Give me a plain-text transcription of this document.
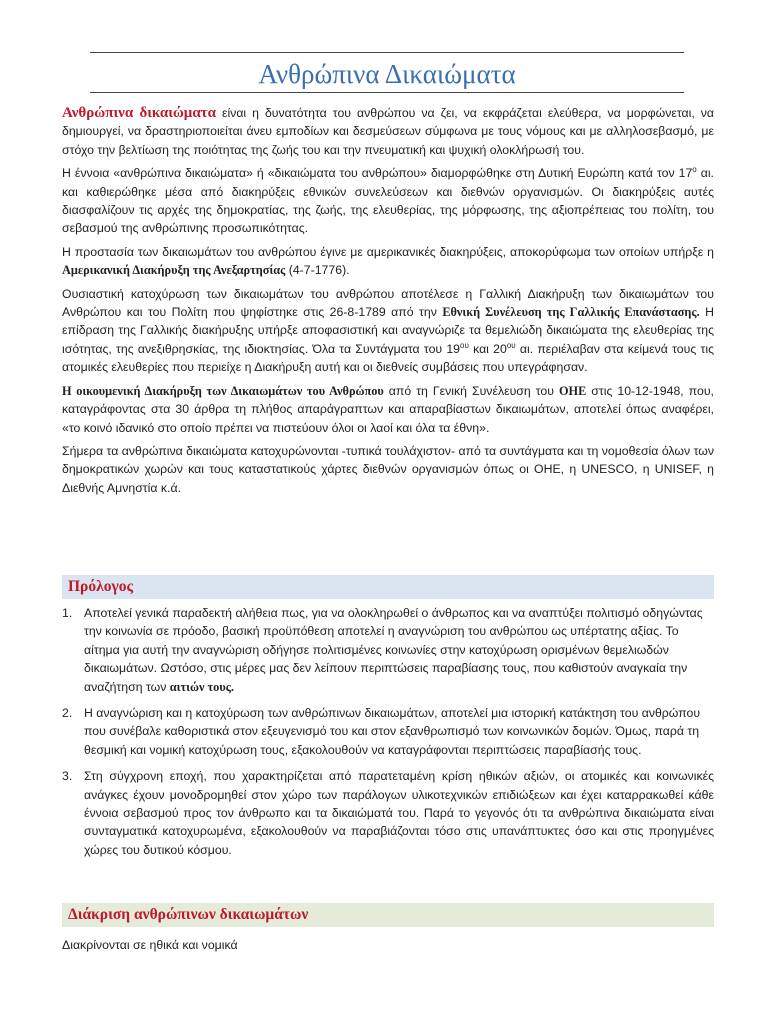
Ανθρώπινα Δικαιώματα

Ανθρώπινα δικαιώματα είναι η δυνατότητα του ανθρώπου να ζει, να εκφράζεται ελεύθερα, να μορφώνεται, να δημιουργεί, να δραστηριοποιείται άνευ εμποδίων και δεσμεύσεων σύμφωνα με τους νόμους και με αλληλοσεβασμό, με στόχο την βελτίωση της ποιότητας της ζωής του και την πνευματική και ψυχική ολοκλήρωσή του.

Η έννοια «ανθρώπινα δικαιώματα» ή «δικαιώματα του ανθρώπου» διαμορφώθηκε στη Δυτική Ευρώπη κατά τον $17^o$ αι. και καθιερώθηκε μέσα από διακηρύξεις εθνικών συνελεύσεων και διεθνών οργανισμών. Οι διακηρύξεις αυτές διασφαλίζουν τις αρχές της δημοκρατίας, της ζωής, της ελευθερίας, της μόρφωσης, της αξιοπρέπειας του πολίτη, του σεβασμού της ανθρώπινης προσωπικότητας.

Η προστασία των δικαιωμάτων του ανθρώπου έγινε με αμερικανικές διακηρύξεις, αποκορύφωμα των οποίων υπήρξε η Αμερικανική Διακήρυξη της Ανεξαρτησίας (4-7-1776).

Ουσιαστική κατοχύρωση των δικαιωμάτων του ανθρώπου αποτέλεσε η Γαλλική Διακήρυξη των δικαιωμάτων του Ανθρώπου και του Πολίτη που ψηφίστηκε στις 26-8-1789 από την Εθνική Συνέλευση της Γαλλικής Επανάστασης. Η επίδραση της Γαλλικής διακήρυξης υπήρξε αποφασιστική και αναγνώριζε τα θεμελιώδη δικαιώματα της ελευθερίας της ισότητας, της ανεξιθρησκίας, της ιδιοκτησίας. Όλα τα Συντάγματα του $19^{o\upsilon}$ και $20^{o\upsilon}$ αι. περιέλαβαν στα κείμενά τους τις ατομικές ελευθερίες που περιείχε η Διακήρυξη αυτή και οι διεθνείς συμβάσεις που υπεγράφησαν.

Η οικουμενική Διακήρυξη των Δικαιωμάτων του Ανθρώπου από τη Γενική Συνέλευση του ΟΗΕ στις 10-12-1948, που, καταγράφοντας στα 30 άρθρα τη πλήθος απαράγραπτων και απαραβίαστων δικαιωμάτων, αποτελεί όπως αναφέρει, «το κοινό ιδανικό στο οποίο πρέπει να πιστεύουν όλοι οι λαοί και όλα τα έθνη».

Σήμερα τα ανθρώπινα δικαιώματα κατοχυρώνονται -τυπικά τουλάχιστον- από τα συντάγματα και τη νομοθεσία όλων των δημοκρατικών χωρών και τους καταστατικούς χάρτες διεθνών οργανισμών όπως οι ΟΗΕ, η UNESCO, η UNISEF, η Διεθνής Αμνηστία κ.ά.

Πρόλογος
1. Αποτελεί γενικά παραδεκτή αλήθεια πως, για να ολοκληρωθεί ο άνθρωπος και να αναπτύξει πολιτισμό οδηγώντας την κοινωνία σε πρόοδο, βασική προϋπόθεση αποτελεί η αναγνώριση του ανθρώπου ως υπέρτατης αξίας. Το αίτημα για αυτή την αναγνώριση οδήγησε πολιτισμένες κοινωνίες στην κατοχύρωση ορισμένων θεμελιωδών δικαιωμάτων. Ωστόσο, στις μέρες μας δεν λείπουν περιπτώσεις παραβίασης τους, που καθιστούν αναγκαία την αναζήτηση των αιτιών τους.
2. Η αναγνώριση και η κατοχύρωση των ανθρώπινων δικαιωμάτων, αποτελεί μια ιστορική κατάκτηση του ανθρώπου που συνέβαλε καθοριστικά στον εξευγενισμό του και στον εξανθρωπισμό των κοινωνικών δομών. Όμως, παρά τη θεσμική και νομική κατοχύρωση τους, εξακολουθούν να καταγράφονται περιπτώσεις παραβίασής τους.
3. Στη σύγχρονη εποχή, που χαρακτηρίζεται από παρατεταμένη κρίση ηθικών αξιών, οι ατομικές και κοινωνικές ανάγκες έχουν μονοδρομηθεί στον χώρο των παράλογων υλικοτεχνικών επιδιώξεων και έχει καταρρακωθεί κάθε έννοια σεβασμού προς τον άνθρωπο και τα δικαιώματά του. Παρά το γεγονός ότι τα ανθρώπινα δικαιώματα είναι συνταγματικά κατοχυρωμένα, εξακολουθούν να παραβιάζονται τόσο στις υπανάπτυκτες όσο και στις προηγμένες χώρες του δυτικού κόσμου.
Διάκριση ανθρώπινων δικαιωμάτων
Διακρίνονται σε ηθικά και νομικά
